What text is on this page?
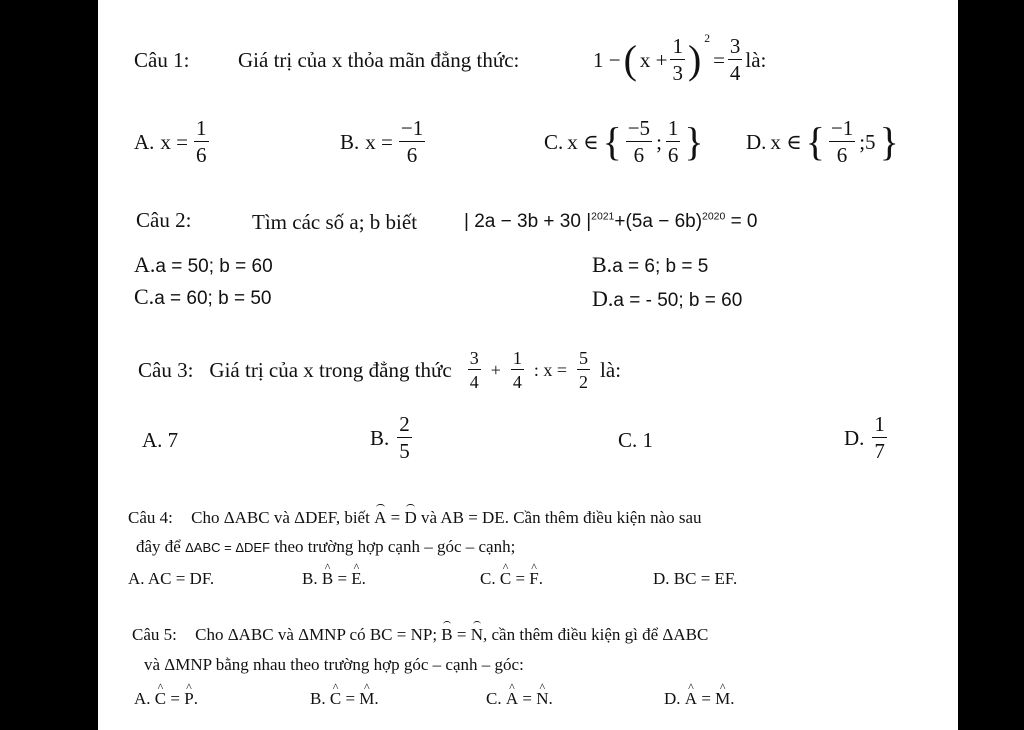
Câu 1: Giá trị của x thỏa mãn đẳng thức:	1 − ( $x + \frac{1}{3}$ ) $^2$
= $\frac{3}{4}$ là:
A. $x = \frac{1}{6}$	B. $x = \frac{-1}{6}$	C. x ∈ { $\frac{-5}{6}$ ; $\frac{1}{6}$ } D. x ∈ { $\frac{-1}{6}$ ;5 }
Câu 2:	Tìm các số a; b biết | 2a − 3b + 30 $|^{2021}+(5a - 6b)^{2020} = 0$
A.a = 50; b = 60	B.a = 6; b = 5
C.a = 60; b = 50	D.a = - 50; b = 60
Câu 3: Giá trị của x trong đẳng thức $\frac{3}{4} + \frac{1}{4}$ : $x = \frac{5}{2}$ là:
A. 7	B. $\frac{2}{5}$	C. 1	D. $\frac{1}{7}$
Câu 4: Cho ΔABC và ΔDEF, biết A = D và AB = DE. Cần thêm điều kiện nào sau
đây để ΔABC = ΔDEF theo trường hợp cạnh – góc – cạnh;
A. AC = DF.	B. ^ B = ^ E.	C. ^ C = ^ F.	D. BC = EF.
Câu 5: Cho ΔABC và ΔMNP có BC = NP; B = N, cần thêm điều kiện gì để ΔABC
và ΔMNP bằng nhau theo trường hợp góc – cạnh – góc:
A. ^ C = ^ P.	B. ^ C = ^ M.	C. ^ A = ^ N.	D. ^ A = ^ M.
